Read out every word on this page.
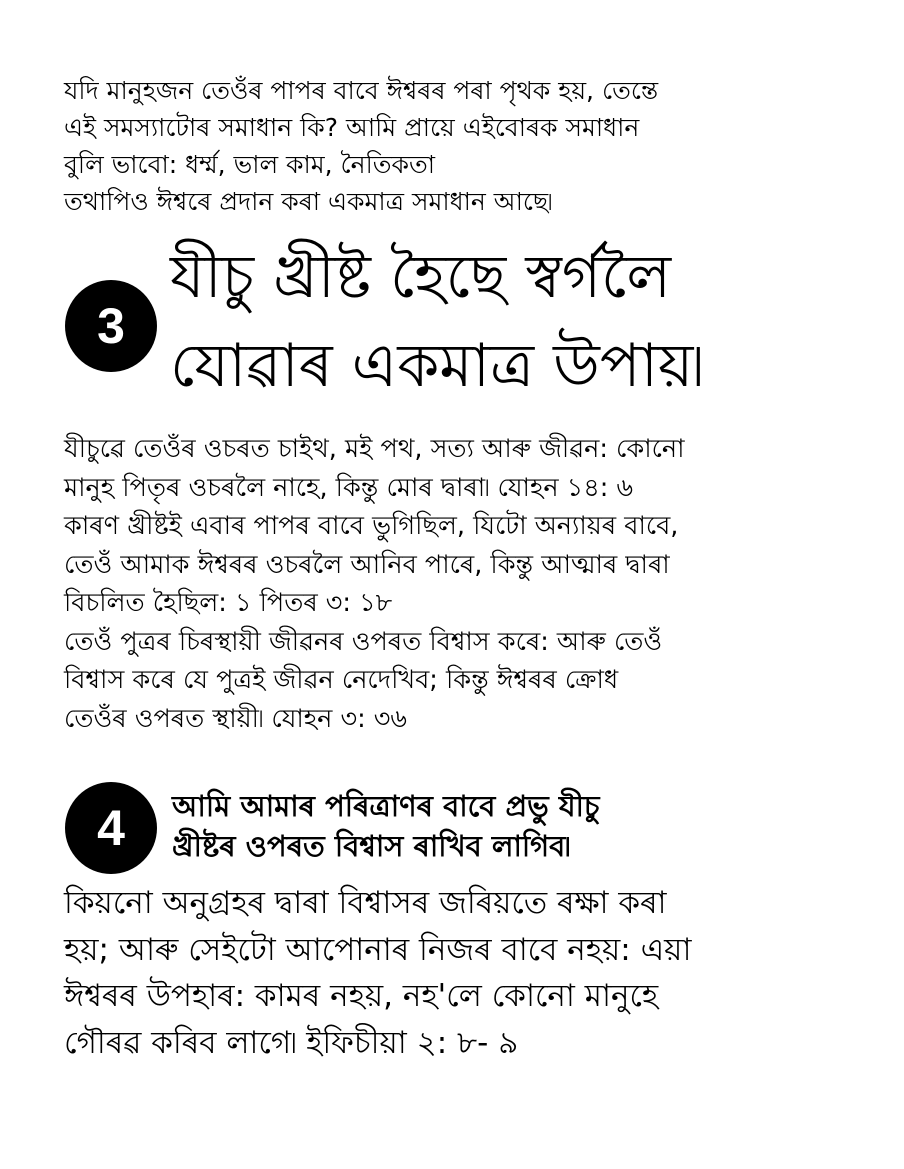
যদি মানুহজন তেওঁৰ পাপৰ বাবে ঈশ্বৰৰ পৰা পৃথক হয়, তেন্তে
এই সমস্যাটোৰ সমাধান কি? আমি প্ৰায়ে এইবোৰক সমাধান
বুলি ভাবো: ধৰ্ম্ম, ভাল কাম, নৈতিকতা
তথাপিও ঈশ্বৰে প্ৰদান কৰা একমাত্ৰ সমাধান আছে৷

3
যীচু খ্ৰীষ্ট হৈছে স্বৰ্গলৈ
যোৱাৰ একমাত্ৰ উপায়৷

যীচুৱে তেওঁৰ ওচৰত চাইথ, মই পথ, সত্য আৰু জীৱন: কোনো
মানুহ পিতৃৰ ওচৰলৈ নাহে, কিন্তু মোৰ দ্বাৰা৷ যোহন ১৪: ৬
কাৰণ খ্ৰীষ্টই এবাৰ পাপৰ বাবে ভুগিছিল, যিটো অন্যায়ৰ বাবে,
তেওঁ আমাক ঈশ্বৰৰ ওচৰলৈ আনিব পাৰে, কিন্তু আত্মাৰ দ্বাৰা
বিচলিত হৈছিল: ১ পিতৰ ৩: ১৮
তেওঁ পুত্ৰৰ চিৰস্থায়ী জীৱনৰ ওপৰত বিশ্বাস কৰে: আৰু তেওঁ
বিশ্বাস কৰে যে পুত্ৰই জীৱন নেদেখিব; কিন্তু ঈশ্বৰৰ ক্ৰোধ
তেওঁৰ ওপৰত স্থায়ী৷ যোহন ৩: ৩৬

4	আমি আমাৰ পৰিত্ৰাণৰ বাবে প্ৰভু যীচু
খ্ৰীষ্টৰ ওপৰত বিশ্বাস ৰাখিব লাগিব৷

কিয়নো অনুগ্ৰহৰ দ্বাৰা বিশ্বাসৰ জৰিয়তে ৰক্ষা কৰা
হয়; আৰু সেইটো আপোনাৰ নিজৰ বাবে নহয়: এয়া
ঈশ্বৰৰ উপহাৰ: কামৰ নহয়, নহ'লে কোনো মানুহে
গৌৰৱ কৰিব লাগে৷ ইফিচীয়া ২: ৮- ৯
